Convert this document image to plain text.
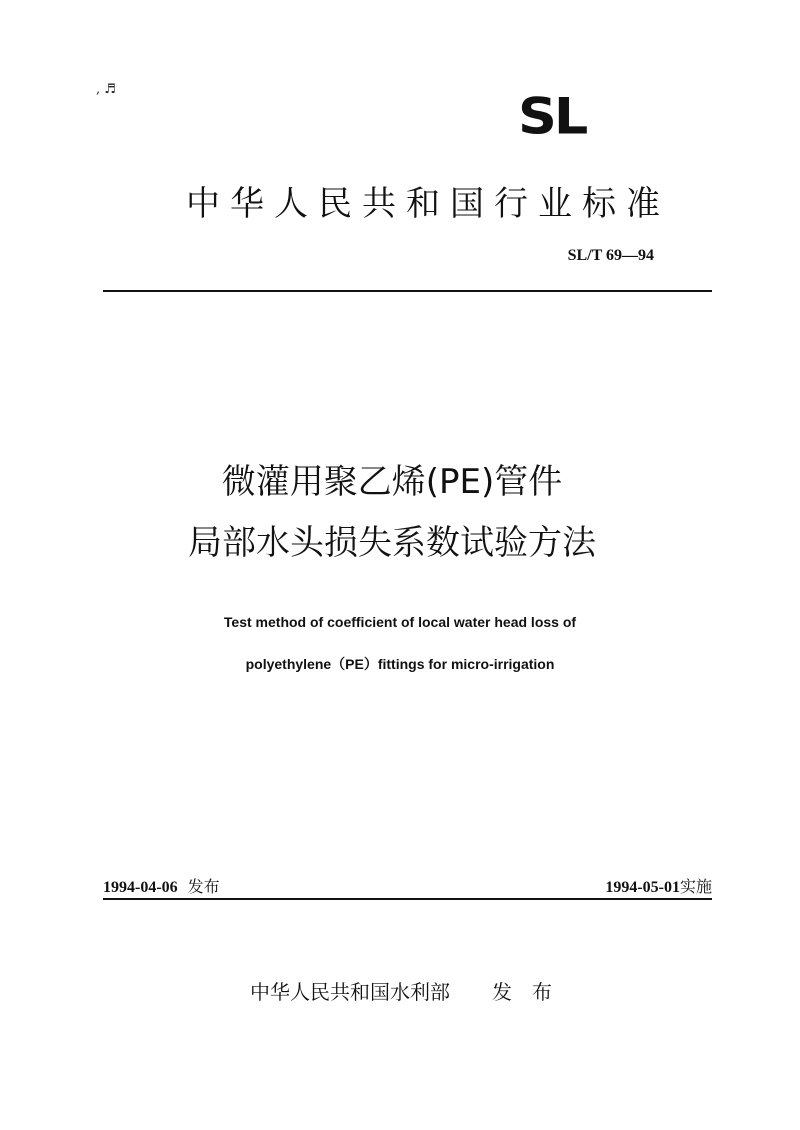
, ♬	SL
中华人民共和国行业标准
SL/T 69—94
微灌用聚乙烯(PE)管件
局部水头损失系数试验方法
Test method of coefficient of local water head loss of
polyethylene（PE）fittings for micro-irrigation
1994-04-06 发布	1994-05-01实施
中华人民共和国水利部 发布
